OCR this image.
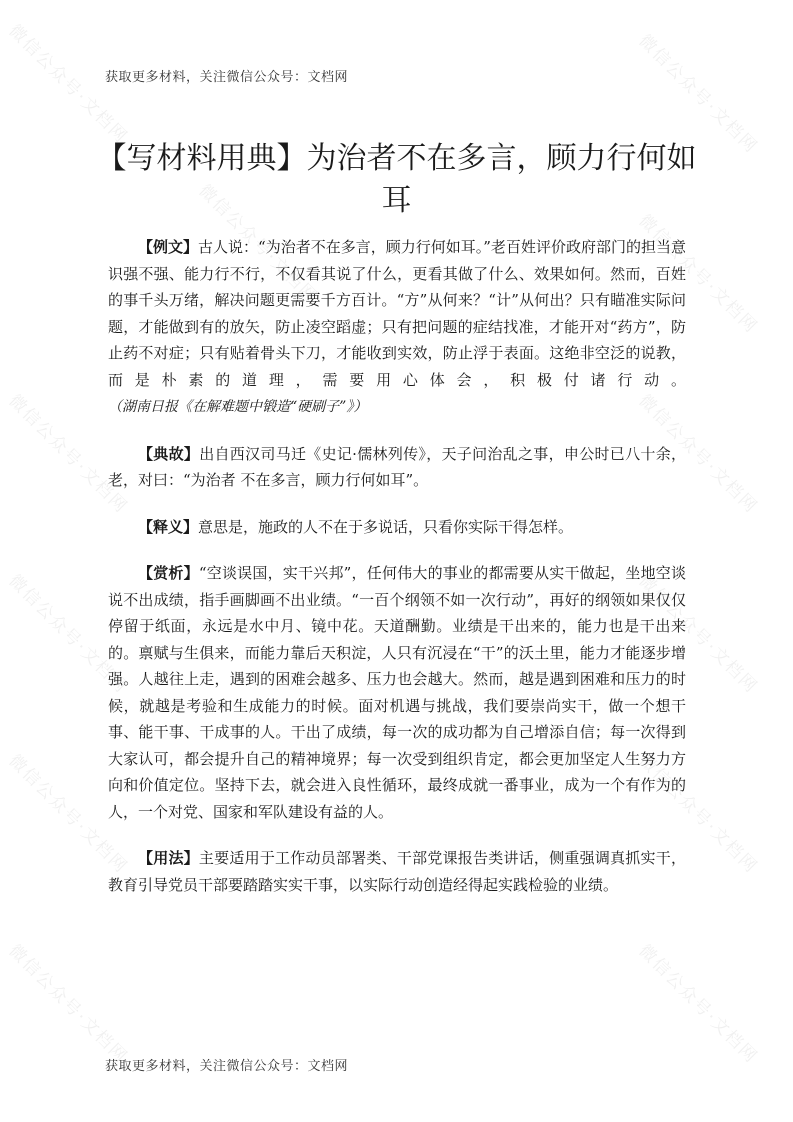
微信公众号·文档网	微信公众号·文档网
微信公众号·文档网	微信公众号·文档网
微信公众号·文档网	微信公众号·文档网
微信公众号·文档网	微信公众号·文档网
微信公众号·文档网	微信公众号·文档网
微信公众号·文档网	微信公众号·文档网
获取更多材料，关注微信公众号：文档网
【写材料用典】为治者不在多言，顾力行何如耳

【例文】古人说：“为治者不在多言，顾力行何如耳。”老百姓评价政府部门的担当意识强不强、能力行不行，不仅看其说了什么，更看其做了什么、效果如何。然而，百姓的事千头万绪，解决问题更需要千方百计。“方”从何来？“计”从何出？只有瞄准实际问题，才能做到有的放矢，防止凌空蹈虚；只有把问题的症结找准，才能开对“药方”，防止药不对症；只有贴着骨头下刀，才能收到实效，防止浮于表面。这绝非空泛的说教，而是朴素的道理，需要用心体会，积极付诸行动。（湖南日报《在解难题中锻造“硬刷子”》）

【典故】出自西汉司马迁《史记·儒林列传》，天子问治乱之事，申公时已八十余，老，对曰：“为治者 不在多言，顾力行何如耳”。

【释义】意思是，施政的人不在于多说话，只看你实际干得怎样。

【赏析】“空谈误国，实干兴邦”，任何伟大的事业的都需要从实干做起，坐地空谈说不出成绩，指手画脚画不出业绩。“一百个纲领不如一次行动”，再好的纲领如果仅仅停留于纸面，永远是水中月、镜中花。天道酬勤。业绩是干出来的，能力也是干出来的。禀赋与生俱来，而能力靠后天积淀，人只有沉浸在“干”的沃土里，能力才能逐步增强。人越往上走，遇到的困难会越多、压力也会越大。然而，越是遇到困难和压力的时候，就越是考验和生成能力的时候。面对机遇与挑战，我们要崇尚实干，做一个想干事、能干事、干成事的人。干出了成绩，每一次的成功都为自己增添自信；每一次得到大家认可，都会提升自己的精神境界；每一次受到组织肯定，都会更加坚定人生努力方向和价值定位。坚持下去，就会进入良性循环，最终成就一番事业，成为一个有作为的人，一个对党、国家和军队建设有益的人。

【用法】主要适用于工作动员部署类、干部党课报告类讲话，侧重强调真抓实干，教育引导党员干部要踏踏实实干事，以实际行动创造经得起实践检验的业绩。

获取更多材料，关注微信公众号：文档网
